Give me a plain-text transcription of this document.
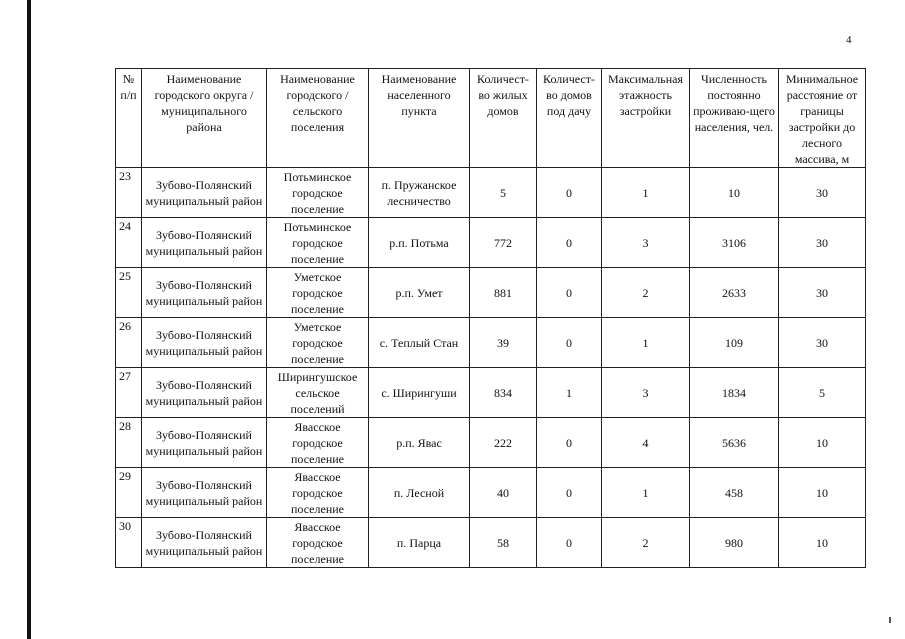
4
№ п/п	Наименование городского округа / муниципального района	Наименование городского / сельского поселения	Наименование населенного пункта	Количест-во жилых домов	Количест-во домов под дачу	Максимальная этажность застройки	Численность постоянно проживаю-щего населения, чел.	Минимальное расстояние от границы застройки до лесного массива, м
23	Зубово-Полянский муниципальный район	Потьминское городское поселение	п. Пружанское лесничество	5	0	1	10	30
24	Зубово-Полянский муниципальный район	Потьминское городское поселение	р.п. Потьма	772	0	3	3106	30
25	Зубово-Полянский муниципальный район	Уметское городское поселение	р.п. Умет	881	0	2	2633	30
26	Зубово-Полянский муниципальный район	Уметское городское поселение	с. Теплый Стан	39	0	1	109	30
27	Зубово-Полянский муниципальный район	Ширингушское сельское поселений	с. Ширингуши	834	1	3	1834	5
28	Зубово-Полянский муниципальный район	Явасское городское поселение	р.п. Явас	222	0	4	5636	10
29	Зубово-Полянский муниципальный район	Явасское городское поселение	п. Лесной	40	0	1	458	10
30	Зубово-Полянский муниципальный район	Явасское городское поселение	п. Парца	58	0	2	980	10
